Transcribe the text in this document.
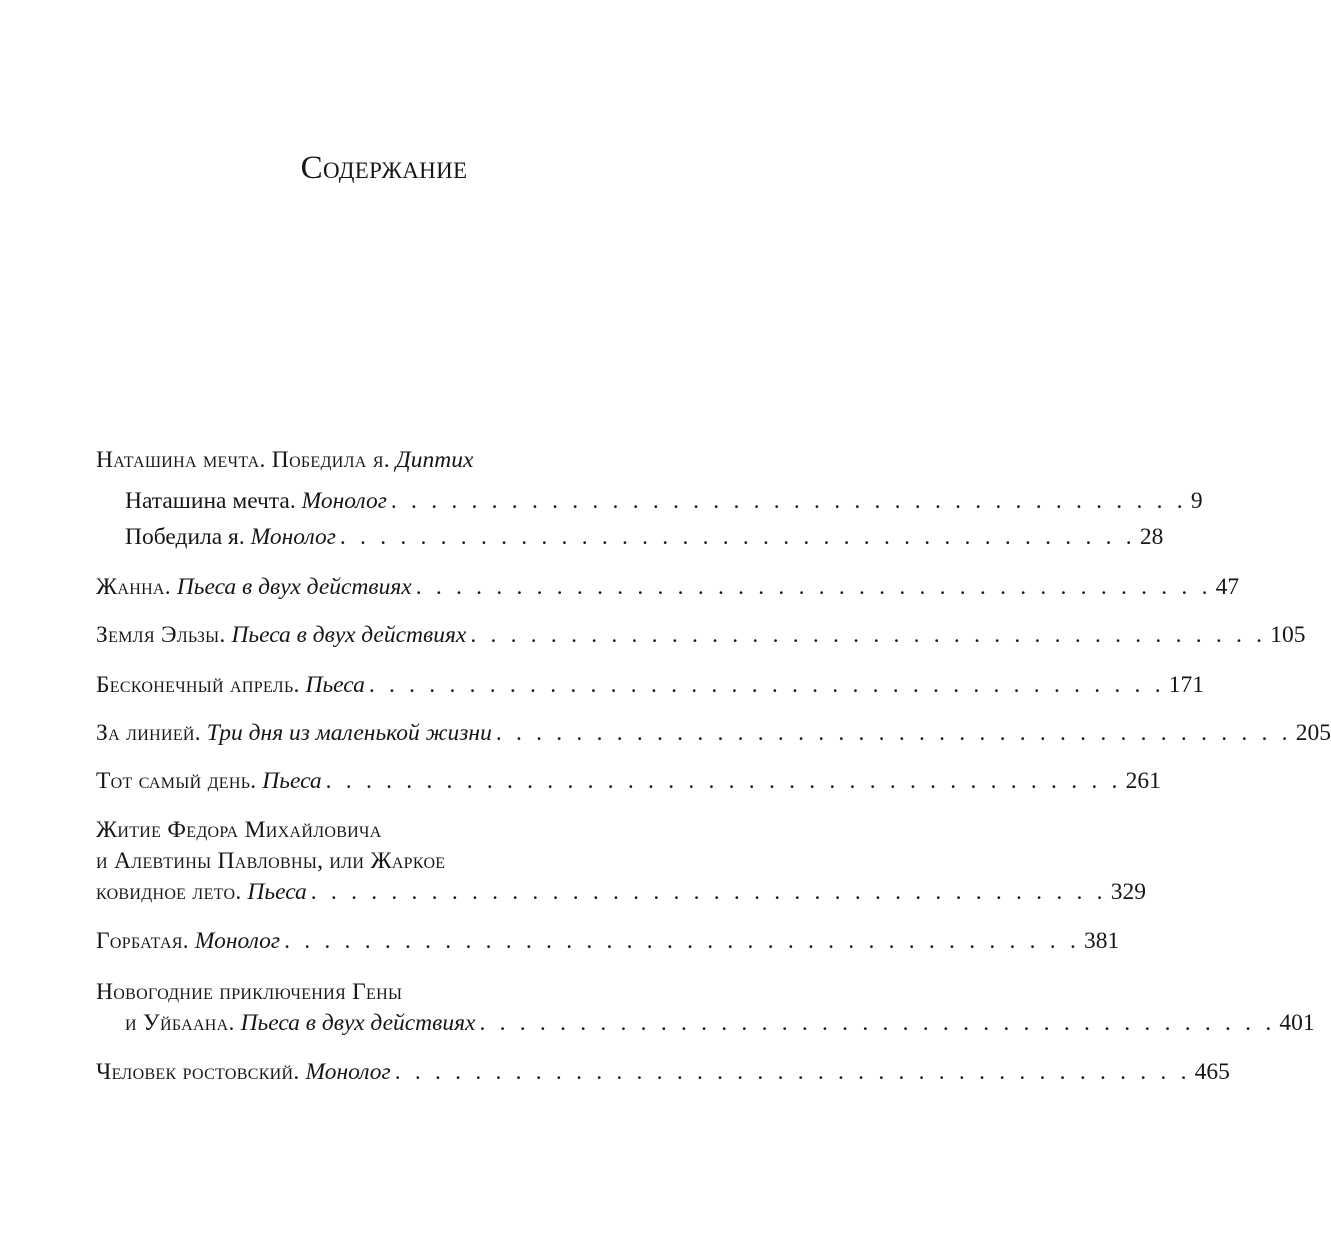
Содержание
Наташина мечта. Победила я.
Диптих
Наташина мечта.
Монолог . . . . . . . . . . . . . . . . . . . . . . . . . . . . . . . . . . . . . . . . 9
Победила я.
Монолог . . . . . . . . . . . . . . . . . . . . . . . . . . . . . . . . . . . . . . . . 28
Жанна.
Пьеса в двух действиях . . . . . . . . . . . . . . . . . . . . . . . . . . . . . . . . . . . . . . . . 47
Земля Эльзы.
Пьеса в двух действиях . . . . . . . . . . . . . . . . . . . . . . . . . . . . . . . . . . . . . . . . 105
Бесконечный апрель.
Пьеса . . . . . . . . . . . . . . . . . . . . . . . . . . . . . . . . . . . . . . . . 171
За линией.
Три дня из маленькой жизни . . . . . . . . . . . . . . . . . . . . . . . . . . . . . . . . . . . . . . . . 205
Тот самый день.
Пьеса . . . . . . . . . . . . . . . . . . . . . . . . . . . . . . . . . . . . . . . . 261
Житие Федора Михайловича
и Алевтины Павловны, или Жаркое
ковидное лето.
Пьеса . . . . . . . . . . . . . . . . . . . . . . . . . . . . . . . . . . . . . . . . 329
Горбатая.
Монолог . . . . . . . . . . . . . . . . . . . . . . . . . . . . . . . . . . . . . . . . 381
Новогодние приключения Гены
и Уйбаана.
Пьеса в двух действиях . . . . . . . . . . . . . . . . . . . . . . . . . . . . . . . . . . . . . . . . 401
Человек ростовский.
Монолог . . . . . . . . . . . . . . . . . . . . . . . . . . . . . . . . . . . . . . . . 465
